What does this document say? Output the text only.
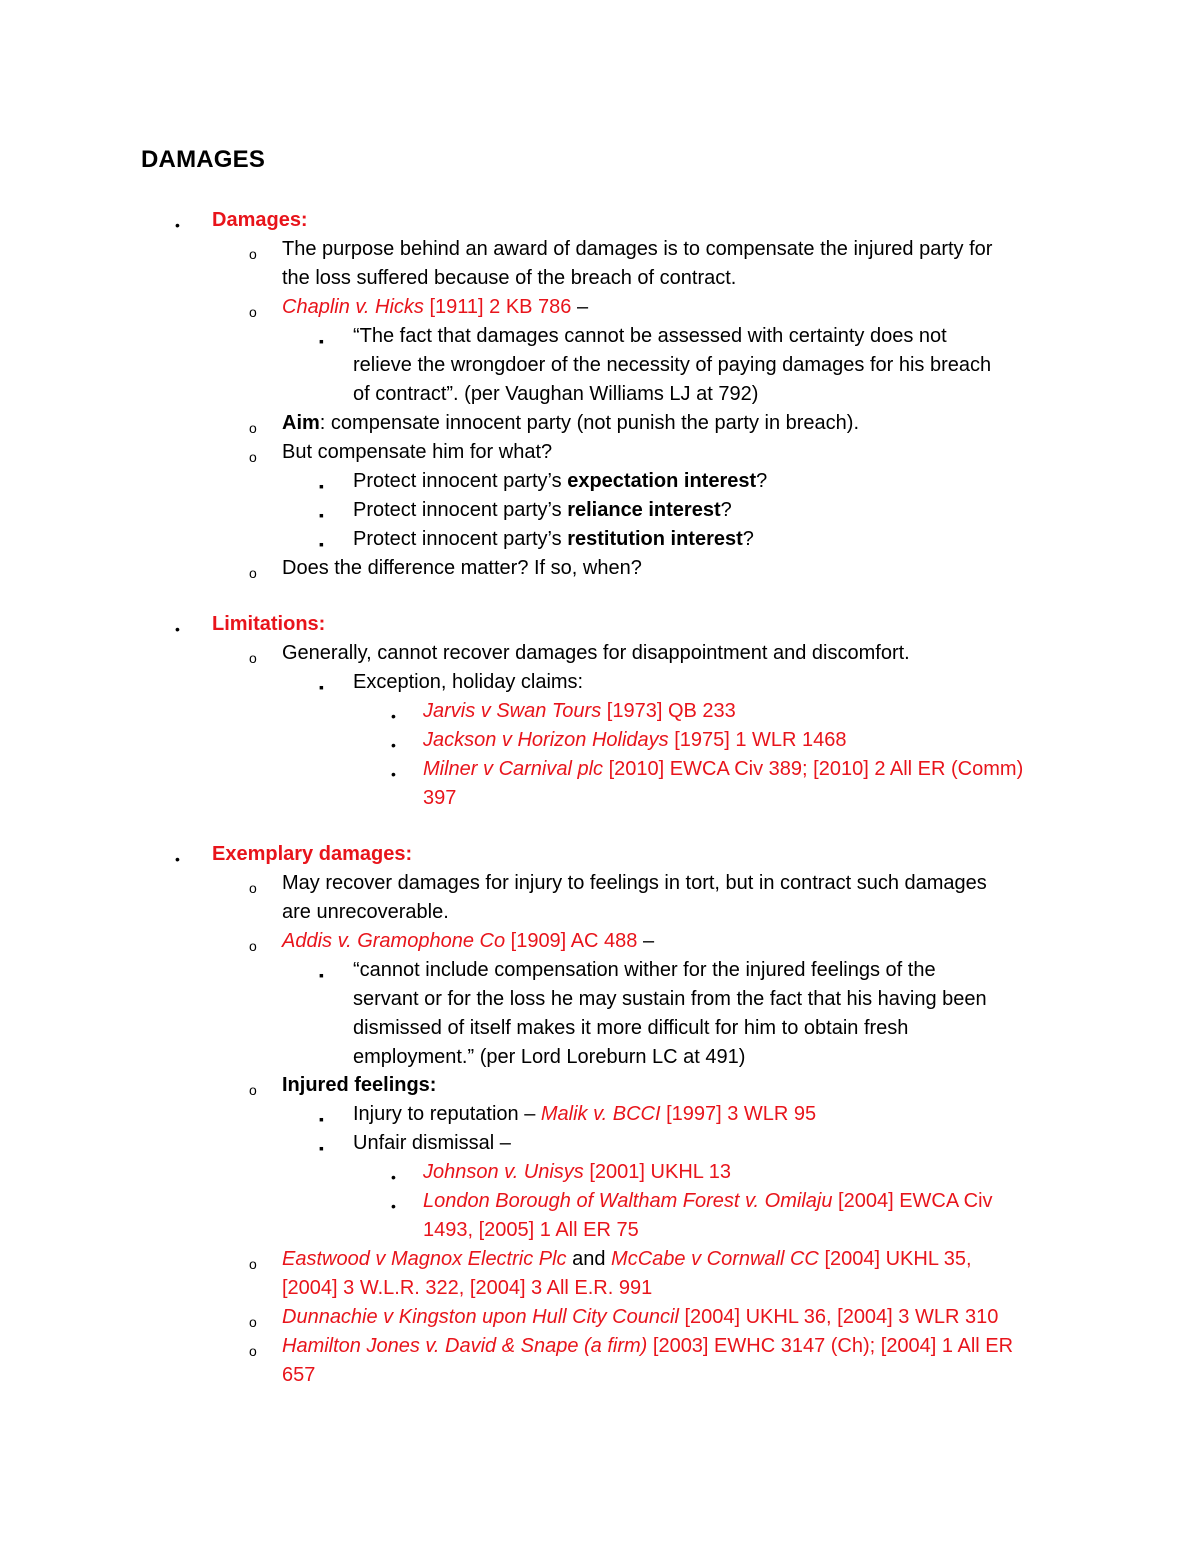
DAMAGES
• Damages:
o The purpose behind an award of damages is to compensate the injured party for
the loss suffered because of the breach of contract.
o Chaplin v. Hicks [1911] 2 KB 786 –
▪ “The fact that damages cannot be assessed with certainty does not
relieve the wrongdoer of the necessity of paying damages for his breach
of contract”. (per Vaughan Williams LJ at 792)
o Aim: compensate innocent party (not punish the party in breach).
o But compensate him for what?
▪ Protect innocent party’s expectation interest?
▪ Protect innocent party’s reliance interest?
▪ Protect innocent party’s restitution interest?
o Does the difference matter? If so, when?
• Limitations:
o Generally, cannot recover damages for disappointment and discomfort.
▪ Exception, holiday claims:
• Jarvis v Swan Tours [1973] QB 233
• Jackson v Horizon Holidays [1975] 1 WLR 1468
• Milner v Carnival plc [2010] EWCA Civ 389; [2010] 2 All ER (Comm)
397
• Exemplary damages:
o May recover damages for injury to feelings in tort, but in contract such damages
are unrecoverable.
o Addis v. Gramophone Co [1909] AC 488 –
▪ “cannot include compensation wither for the injured feelings of the
servant or for the loss he may sustain from the fact that his having been
dismissed of itself makes it more difficult for him to obtain fresh
employment.” (per Lord Loreburn LC at 491)
o Injured feelings:
▪ Injury to reputation – Malik v. BCCI [1997] 3 WLR 95
▪ Unfair dismissal –
• Johnson v. Unisys [2001] UKHL 13
• London Borough of Waltham Forest v. Omilaju [2004] EWCA Civ
1493, [2005] 1 All ER 75
o Eastwood v Magnox Electric Plc and McCabe v Cornwall CC [2004] UKHL 35,
[2004] 3 W.L.R. 322, [2004] 3 All E.R. 991
o Dunnachie v Kingston upon Hull City Council [2004] UKHL 36, [2004] 3 WLR 310
o Hamilton Jones v. David & Snape (a firm) [2003] EWHC 3147 (Ch); [2004] 1 All ER
657
